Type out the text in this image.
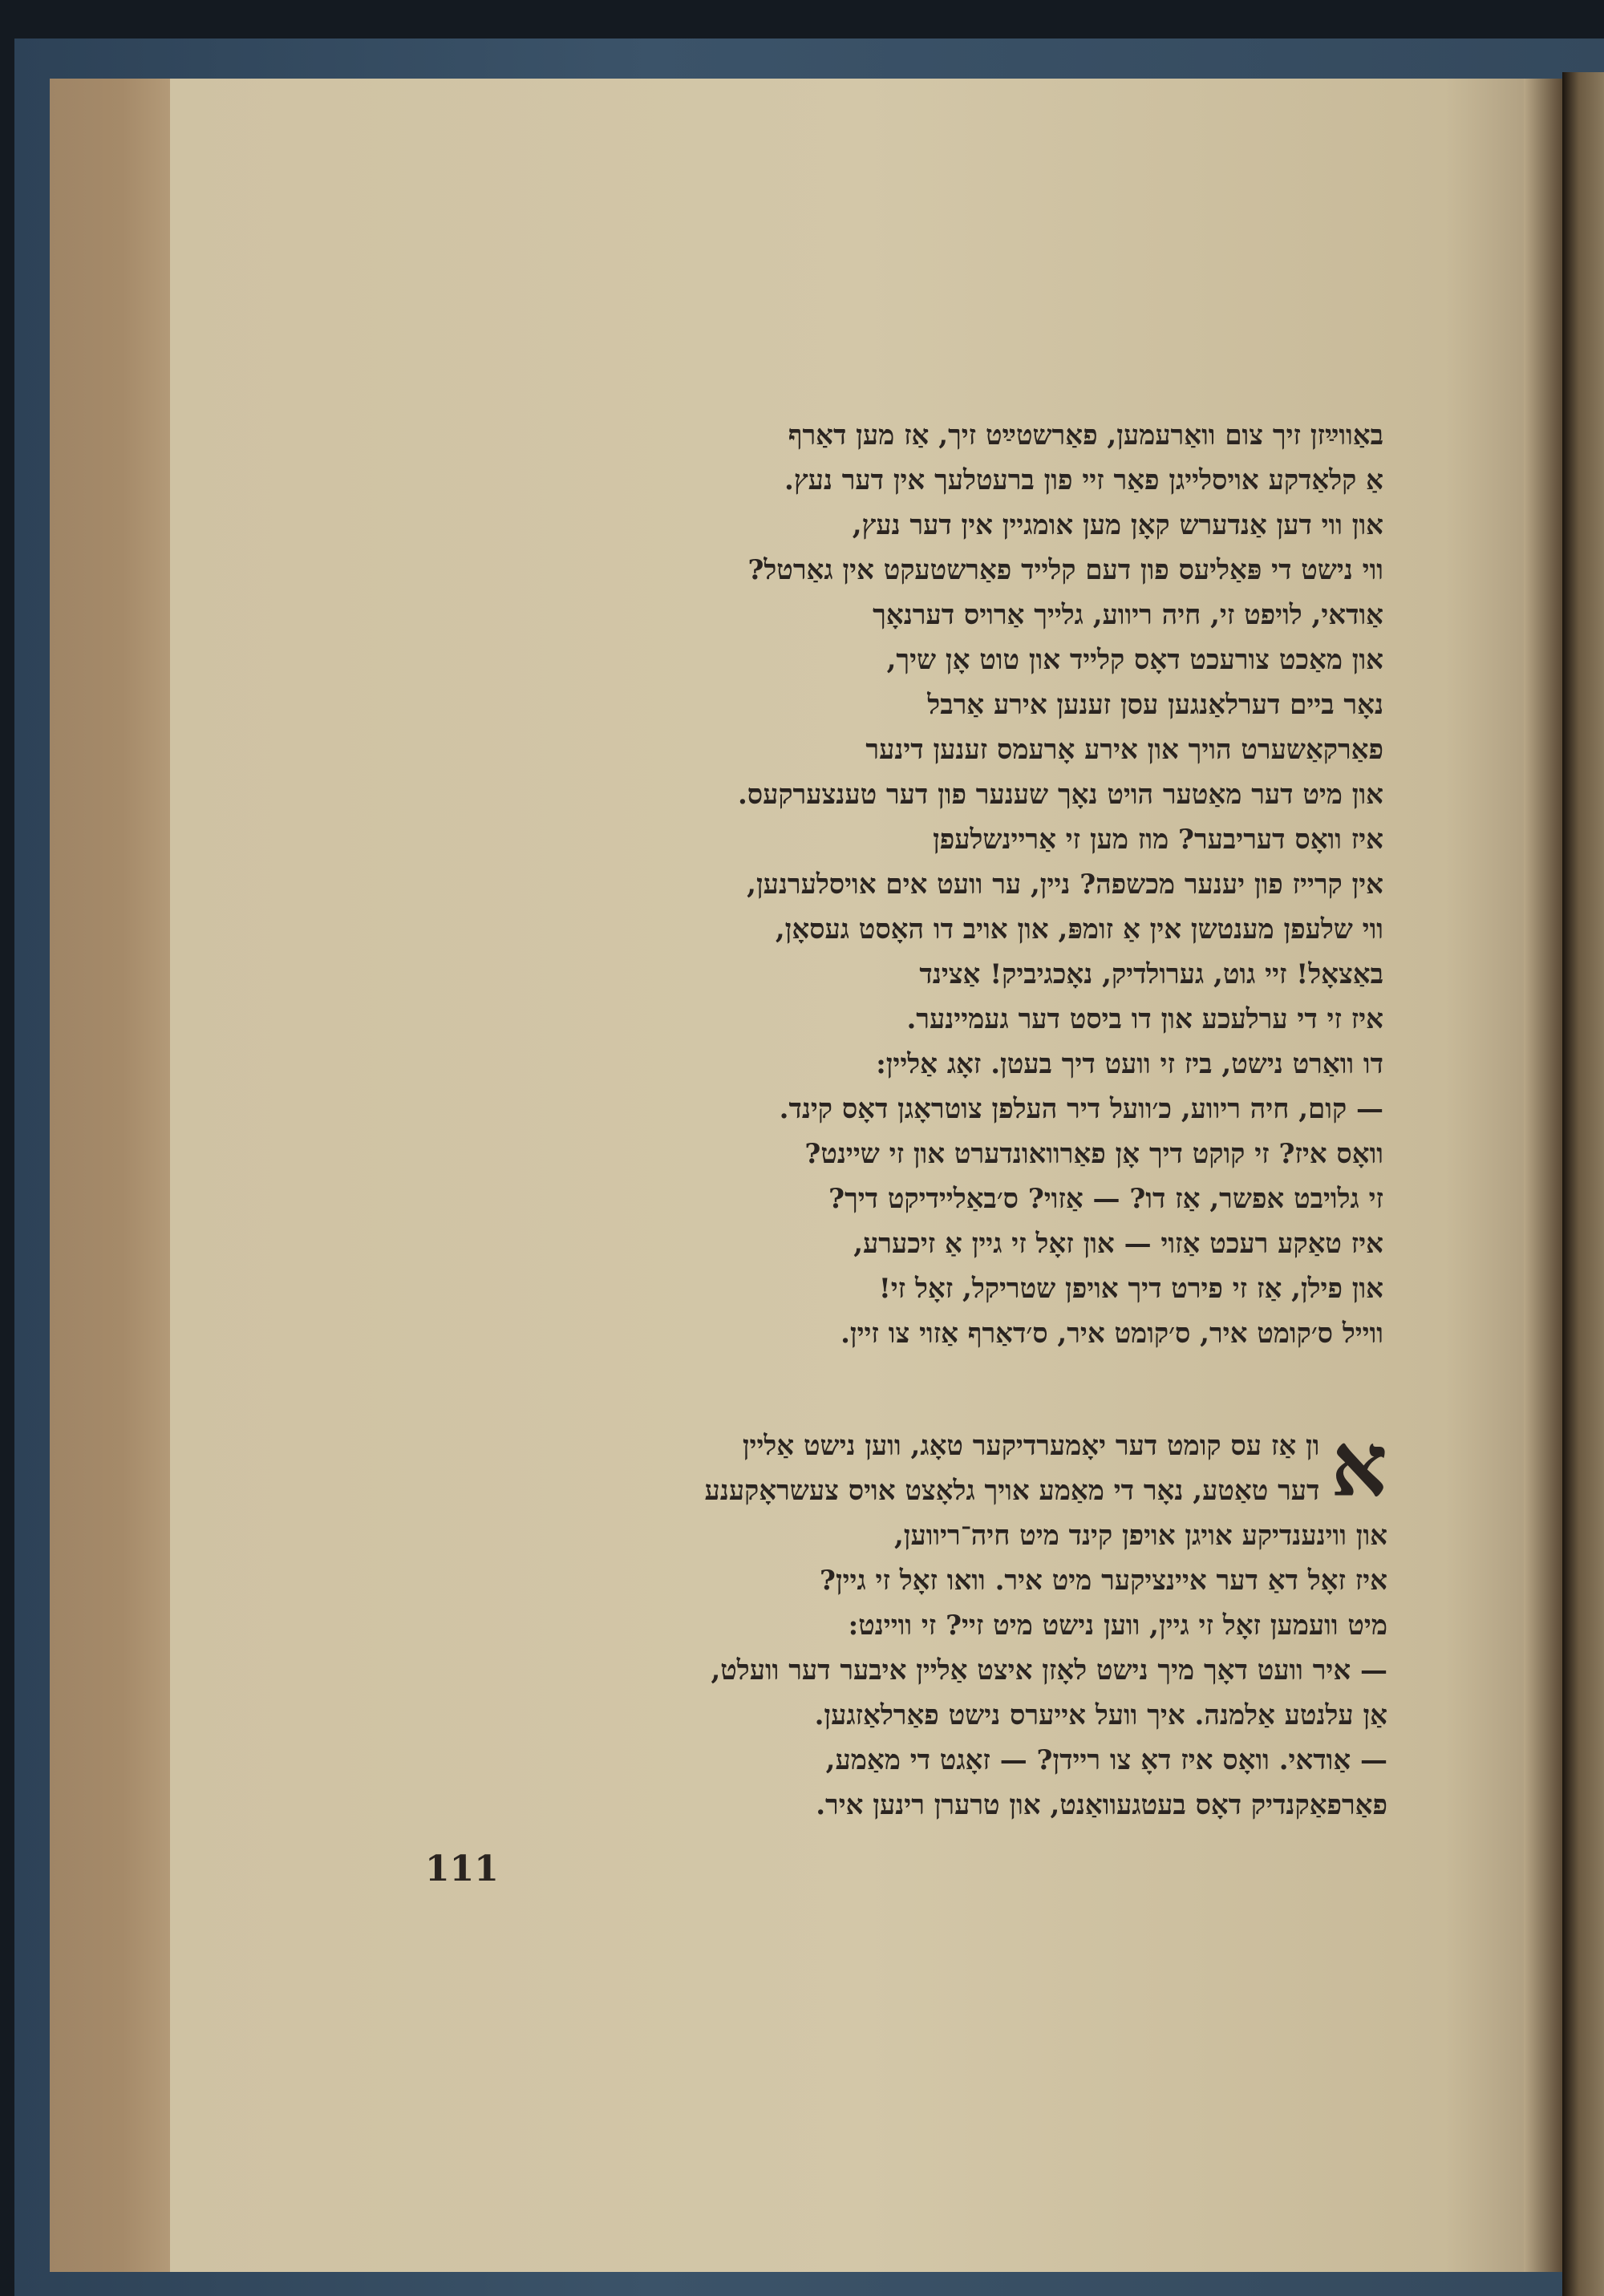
באַווײַזן זיך צום וואַרעמען, פאַרשטײַט זיך, אַז מען דאַרף
אַ קלאַדקע אויסלייגן פאַר זיי פון ברעטלעך אין דער נעץ.
און ווי דען אַנדערש קאָן מען אומגיין אין דער נעץ,
ווי נישט די פּאַליעס פון דעם קלייד פאַרשטעקט אין גאַרטל?
אַודאי, לויפט זי, חיה ריווע, גלייך אַרויס דערנאָך
און מאַכט צורעכט דאָס קלייד און טוט אָן שיך,
נאָר ביים דערלאַנגען עסן זענען אירע אַרבל
פאַרקאַשערט הויך און אירע אָרעמס זענען דינער
און מיט דער מאַטער הויט נאָך שענער פון דער טענצערקעס.
איז וואָס דעריבער? מוז מען זי אַריינשלעפן
אין קרייז פון יענער מכשפה? ניין, ער וועט אים אויסלערנען,
ווי שלעפן מענטשן אין אַ זומפּ, און אויב דו האָסט געסאָן,
באַצאָל! זיי גוט, גערולדיק, נאָכגיביק! אַצינד
איז זי די ערלעכע און דו ביסט דער געמיינער.
דו וואַרט נישט, ביז זי וועט דיך בעטן. זאָג אַליין:
— קום, חיה ריווע, כ׳וועל דיר העלפן צוטראָגן דאָס קינד.
וואָס איז? זי קוקט דיך אָן פאַרוואונדערט און זי שיינט?
זי גלויבט אפשר, אַז דו? — אַזוי? ס׳באַליידיקט דיך?
איז טאַקע רעכט אַזוי — און זאָל זי גיין אַ זיכערע,
און פילן, אַז זי פירט דיך אויפן שטריקל, זאָל זי!
ווייל ס׳קומט איר, ס׳קומט איר, ס׳דאַרף אַזוי צו זיין.
א
ון אַז עס קומט דער יאָמערדיקער טאָג, ווען נישט אַליין
דער טאַטע, נאָר די מאַמע אויך גלאָצט אויס צעשראָקענע
און ווינענדיקע אויגן אויפן קינד מיט חיה־ריווען,
איז זאָל דאַ דער איינציקער מיט איר. וואו זאָל זי גיין?
מיט וועמען זאָל זי גיין, ווען נישט מיט זיי? זי וויינט:
— איר וועט דאָך מיך נישט לאָזן איצט אַליין איבער דער וועלט,
אַן עלנטע אַלמנה. איך וועל אייערס נישט פאַרלאַזגען.
— אַודאי. וואָס איז דאָ צו ריידן? — זאָגט די מאַמע,
פאַרפאַקנדיק דאָס בעטגעוואַנט, און טרערן רינען איר.
111
